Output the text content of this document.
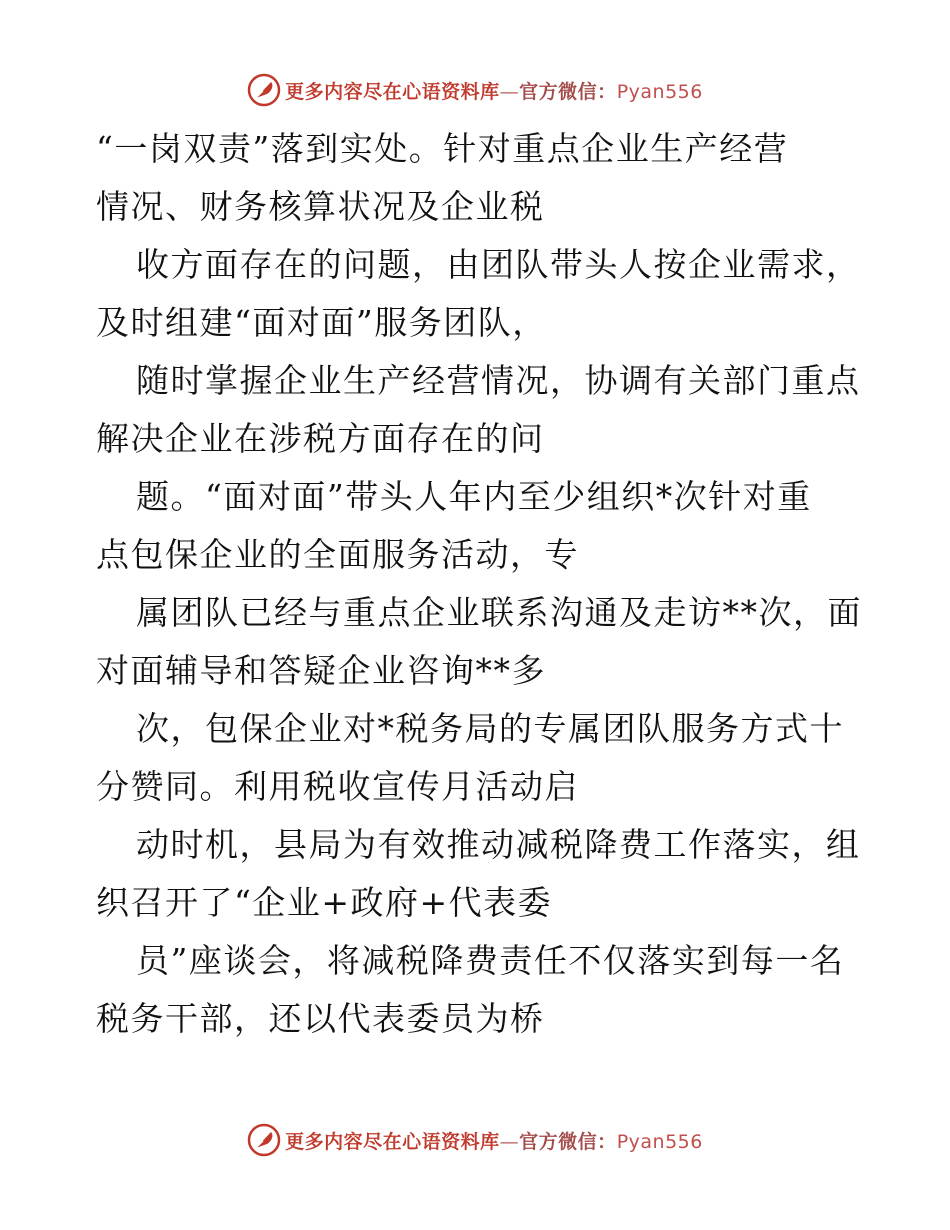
更多内容尽在心语资料库—官方微信：Pyan556
“一岗双责”落到实处。针对重点企业生产经营
情况、财务核算状况及企业税
收方面存在的问题，由团队带头人按企业需求，
及时组建“面对面”服务团队，
随时掌握企业生产经营情况，协调有关部门重点
解决企业在涉税方面存在的问
题。“面对面”带头人年内至少组织*次针对重
点包保企业的全面服务活动，专
属团队已经与重点企业联系沟通及走访**次，面
对面辅导和答疑企业咨询**多
次，包保企业对*税务局的专属团队服务方式十
分赞同。利用税收宣传月活动启
动时机，县局为有效推动减税降费工作落实，组
织召开了“企业+政府+代表委
员”座谈会，将减税降费责任不仅落实到每一名
税务干部，还以代表委员为桥
更多内容尽在心语资料库—官方微信：Pyan556
